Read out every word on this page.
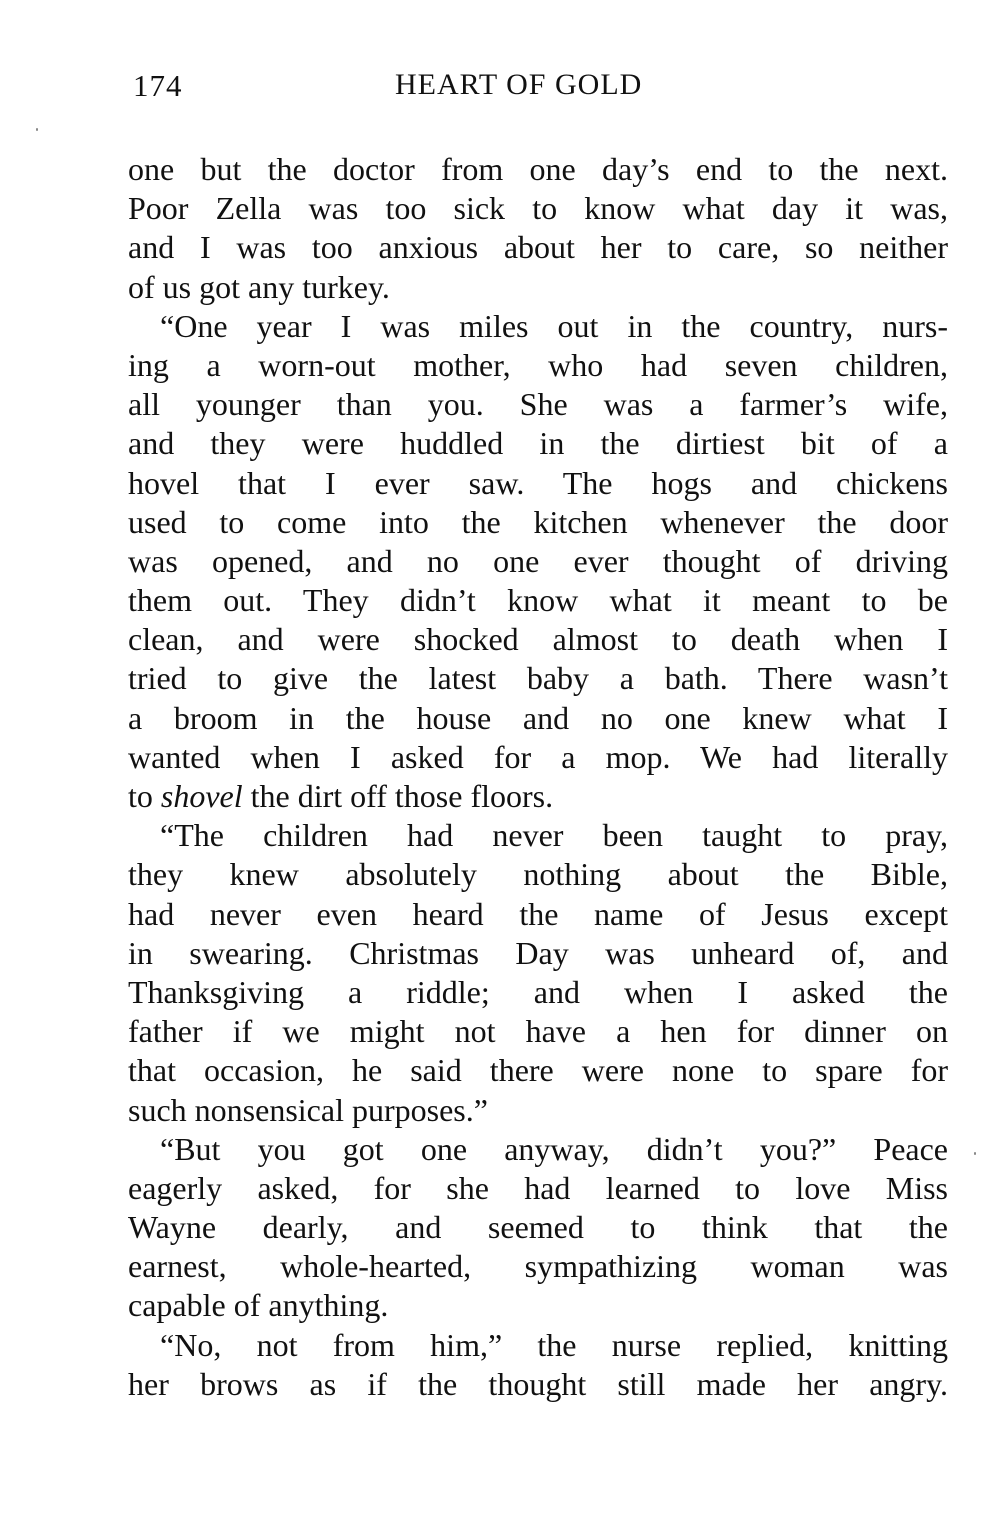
174	HEART OF GOLD
one but the doctor from one day’s end to the next.
Poor Zella was too sick to know what day it was,
and I was too anxious about her to care, so neither
of us got any turkey.
“One year I was miles out in the country, nurs-
ing a worn-out mother, who had seven children,
all younger than you. She was a farmer’s wife,
and they were huddled in the dirtiest bit of a
hovel that I ever saw. The hogs and chickens
used to come into the kitchen whenever the door
was opened, and no one ever thought of driving
them out. They didn’t know what it meant to be
clean, and were shocked almost to death when I
tried to give the latest baby a bath. There wasn’t
a broom in the house and no one knew what I
wanted when I asked for a mop. We had literally
to shovel the dirt off those floors.
“The children had never been taught to pray,
they knew absolutely nothing about the Bible,
had never even heard the name of Jesus except
in swearing. Christmas Day was unheard of, and
Thanksgiving a riddle; and when I asked the
father if we might not have a hen for dinner on
that occasion, he said there were none to spare for
such nonsensical purposes.”
“But you got one anyway, didn’t you?” Peace
eagerly asked, for she had learned to love Miss
Wayne dearly, and seemed to think that the
earnest, whole-hearted, sympathizing woman was
capable of anything.
“No, not from him,” the nurse replied, knitting
her brows as if the thought still made her angry.
